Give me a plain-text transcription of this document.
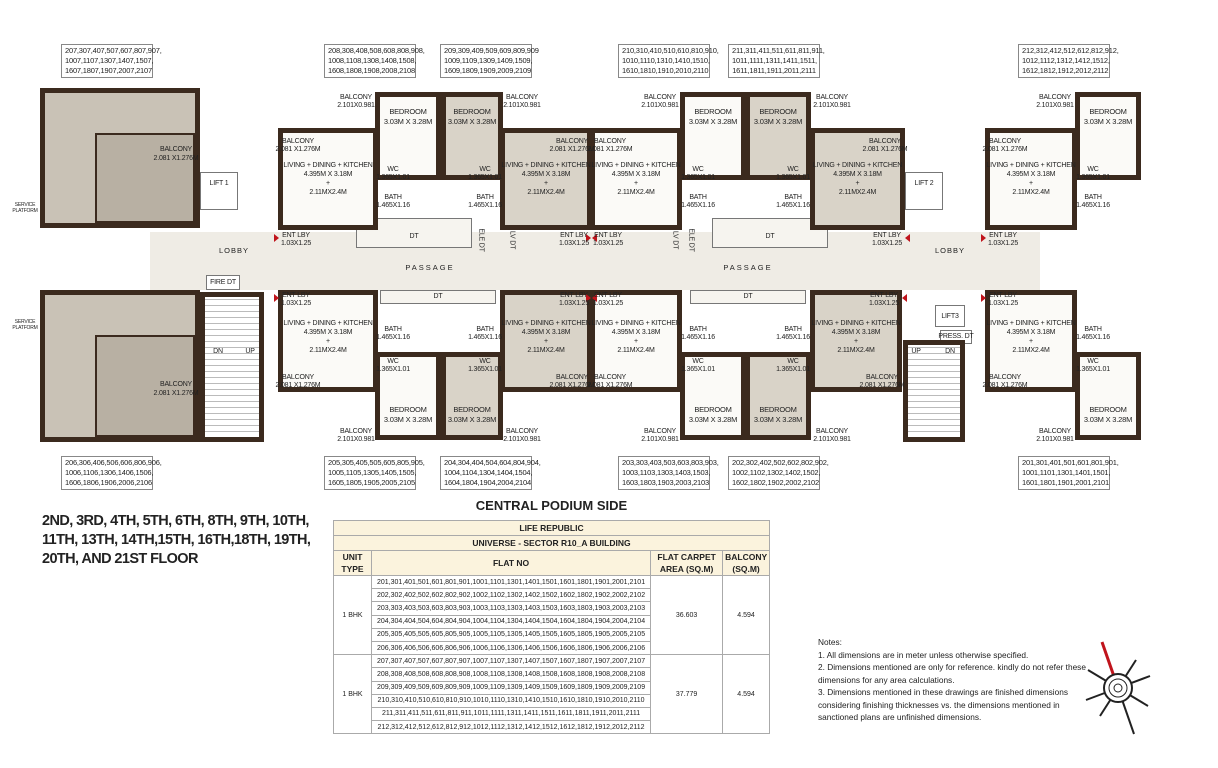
LIFT 1	LIFT 2
LIFT3
PRESS. DT
FIRE DT
DN	UP	UP	DN
LOBBY	LOBBY
PASSAGE	PASSAGE
DT	DT
DT	DT
ELE DT	LV DT	LV DT ELE DT
207,307,407,507,607,807,907, 1007,1107,1307,1407,1507, 1607,1807,1907,2007,2107
208,308,408,508,608,808,908, 1008,1108,1308,1408,1508, 1608,1808,1908,2008,2108
209,309,409,509,609,809,909 1009,1109,1309,1409,1509, 1609,1809,1909,2009,2109
210,310,410,510,610,810,910, 1010,1110,1310,1410,1510, 1610,1810,1910,2010,2110
211,311,411,511,611,811,911, 1011,1111,1311,1411,1511, 1611,1811,1911,2011,2111
212,312,412,512,612,812,912, 1012,1112,1312,1412,1512, 1612,1812,1912,2012,2112
206,306,406,506,606,806,906, 1006,1106,1306,1406,1506, 1606,1806,1906,2006,2106
205,305,405,505,605,805,905, 1005,1105,1305,1405,1505, 1605,1805,1905,2005,2105
204,304,404,504,604,804,904, 1004,1104,1304,1404,1504, 1604,1804,1904,2004,2104
203,303,403,503,603,803,903, 1003,1103,1303,1403,1503, 1603,1803,1903,2003,2103
202,302,402,502,602,802,902, 1002,1102,1302,1402,1502, 1602,1802,1902,2002,2102
201,301,401,501,601,801,901, 1001,1101,1301,1401,1501, 1601,1801,1901,2001,2101
BALCONY
2.081 X1.276M
SERVICE PLATFORM
BALCONY
2.081 X1.276M
SERVICE PLATFORM
LIVING + DINING + KITCHEN
4.395M X 3.18M
+
2.11MX2.4M
BEDROOM
3.03M X 3.28M
BALCONY
2.101X0.981
BALCONY
2.081 X1.276M
WC
1.365X1.01
BATH
1.465X1.16
ENT LBY
1.03X1.25
LIVING + DINING + KITCHEN
4.395M X 3.18M
+
2.11MX2.4M
BEDROOM
3.03M X 3.28M
BALCONY
2.101X0.981
BALCONY
2.081 X1.276M
WC
1.365X1.01
BATH
1.465X1.16
ENT LBY
1.03X1.25
LIVING + DINING + KITCHEN
4.395M X 3.18M
+
2.11MX2.4M
BEDROOM
3.03M X 3.28M
BALCONY
2.101X0.981
BALCONY
2.081 X1.276M
WC
1.365X1.01
BATH
1.465X1.16
ENT LBY
1.03X1.25
LIVING + DINING + KITCHEN
4.395M X 3.18M
+
2.11MX2.4M
BEDROOM
3.03M X 3.28M
BALCONY
2.101X0.981
BALCONY
2.081 X1.276M
WC
1.365X1.01
BATH
1.465X1.16
ENT LBY
1.03X1.25
LIVING + DINING + KITCHEN
4.395M X 3.18M
+
2.11MX2.4M
BEDROOM
3.03M X 3.28M
BALCONY
2.101X0.981
BALCONY
2.081 X1.276M
WC
1.365X1.01
BATH
1.465X1.16
ENT LBY
1.03X1.25
LIVING + DINING + KITCHEN
4.395M X 3.18M
+
2.11MX2.4M
BEDROOM
3.03M X 3.28M
BALCONY
2.101X0.981
BALCONY
2.081 X1.276M
WC
1.365X1.01
BATH
1.465X1.16
ENT LBY
1.03X1.25
LIVING + DINING + KITCHEN
4.395M X 3.18M
+
2.11MX2.4M
BEDROOM
3.03M X 3.28M
BALCONY
2.101X0.981
BALCONY
2.081 X1.276M
WC
1.365X1.01
BATH
1.465X1.16
ENT LBY
1.03X1.25
LIVING + DINING + KITCHEN
4.395M X 3.18M
+
2.11MX2.4M
BEDROOM
3.03M X 3.28M
BALCONY
2.101X0.981
BALCONY
2.081 X1.276M
WC
1.365X1.01
BATH
1.465X1.16
ENT LBY
1.03X1.25
LIVING + DINING + KITCHEN
4.395M X 3.18M
+
2.11MX2.4M
BEDROOM
3.03M X 3.28M
BALCONY
2.101X0.981
BALCONY
2.081 X1.276M
WC
1.365X1.01
BATH
1.465X1.16
ENT LBY
1.03X1.25
LIVING + DINING + KITCHEN
4.395M X 3.18M
+
2.11MX2.4M
BEDROOM
3.03M X 3.28M
BALCONY
2.101X0.981
BALCONY
2.081 X1.276M
WC
1.365X1.01
BATH
1.465X1.16
ENT LBY
1.03X1.25
CENTRAL PODIUM SIDE
2ND, 3RD, 4TH, 5TH, 6TH, 8TH, 9TH, 10TH, 11TH, 13TH, 14TH,15TH, 16TH,18TH, 19TH, 20TH, AND 21ST FLOOR
LIFE REPUBLIC			
UNIVERSE - SECTOR R10_A BUILDING			
UNIT TYPE	FLAT NO	FLAT CARPET AREA (SQ.M)	BALCONY (SQ.M)
1 BHK	201,301,401,501,601,801,901,1001,1101,1301,1401,1501,1601,1801,1901,2001,2101	36.603	4.594
	202,302,402,502,602,802,902,1002,1102,1302,1402,1502,1602,1802,1902,2002,2102		
	203,303,403,503,603,803,903,1003,1103,1303,1403,1503,1603,1803,1903,2003,2103		
	204,304,404,504,604,804,904,1004,1104,1304,1404,1504,1604,1804,1904,2004,2104		
	205,305,405,505,605,805,905,1005,1105,1305,1405,1505,1605,1805,1905,2005,2105		
	206,306,406,506,606,806,906,1006,1106,1306,1406,1506,1606,1806,1906,2006,2106		
1 BHK	207,307,407,507,607,807,907,1007,1107,1307,1407,1507,1607,1807,1907,2007,2107	37.779	4.594
	208,308,408,508,608,808,908,1008,1108,1308,1408,1508,1608,1808,1908,2008,2108		
	209,309,409,509,609,809,909,1009,1109,1309,1409,1509,1609,1809,1909,2009,2109		
	210,310,410,510,610,810,910,1010,1110,1310,1410,1510,1610,1810,1910,2010,2110		
	211,311,411,511,611,811,911,1011,1111,1311,1411,1511,1611,1811,1911,2011,2111		
	212,312,412,512,612,812,912,1012,1112,1312,1412,1512,1612,1812,1912,2012,2112		
Notes:
1. All dimensions are in meter unless otherwise specified.
2. Dimensions mentioned are only for reference. kindly do not refer these dimensions for any area calculations.
3. Dimensions mentioned in these drawings are finished dimensions considering finishing thicknesses vs. the dimensions mentioned in sanctioned plans are unfinished dimensions.
